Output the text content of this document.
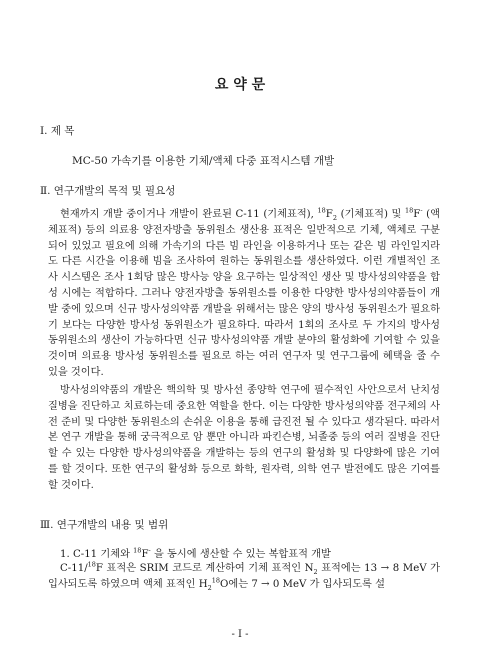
요 약 문
Ⅰ. 제 목
MC-50 가속기를 이용한 기체/액체 다중 표적시스템 개발
Ⅱ. 연구개발의 목적 및 필요성

현재까지 개발 중이거나 개발이 완료된 C-11 (기체표적), $^{18}F_2$ (기체표적) 및 $^{18}$F- (액체표적) 등의 의료용 양전자방출 동위원소 생산용 표적은 일반적으로 기체, 액체로 구분되어 있었고 필요에 의해 가속기의 다른 빔 라인을 이용하거나 또는 같은 빔 라인일지라도 다른 시간을 이용해 빔을 조사하여 원하는 동위원소를 생산하였다. 이런 개별적인 조사 시스템은 조사 1회당 많은 방사능 양을 요구하는 일상적인 생산 및 방사성의약품을 합성 시에는 적합하다. 그러나 양전자방출 동위원소를 이용한 다양한 방사성의약품들이 개발 중에 있으며 신규 방사성의약품 개발을 위해서는 많은 양의 방사성 동위원소가 필요하기 보다는 다양한 방사성 동위원소가 필요하다. 따라서 1회의 조사로 두 가지의 방사성 동위원소의 생산이 가능하다면 신규 방사성의약품 개발 분야의 활성화에 기여할 수 있을 것이며 의료용 방사성 동위원소를 필요로 하는 여러 연구자 및 연구그룹에 혜택을 줄 수 있을 것이다.

방사성의약품의 개발은 핵의학 및 방사선 종양학 연구에 필수적인 사안으로서 난치성 질병을 진단하고 치료하는데 중요한 역할을 한다. 이는 다양한 방사성의약품 전구체의 사전 준비 및 다양한 동위원소의 손쉬운 이용을 통해 급진전 될 수 있다고 생각된다. 따라서 본 연구 개발을 통해 궁극적으로 암 뿐만 아니라 파킨슨병, 뇌졸중 등의 여러 질병을 진단할 수 있는 다양한 방사성의약품을 개발하는 등의 연구의 활성화 및 다양화에 많은 기여를 할 것이다. 또한 연구의 활성화 등으로 화학, 원자력, 의학 연구 발전에도 많은 기여를 할 것이다.

Ⅲ. 연구개발의 내용 및 범위
1. C-11 기체와 $^{18}$F- 을 동시에 생산할 수 있는 복합표적 개발

C-11/$^{18}$F 표적은 SRIM 코드로 계산하여 기체 표적인 $N_2$ 표적에는 13 → 8 MeV 가 입사되도록 하였으며 액체 표적인 $H_2^{18}O$에는 7 → 0 MeV 가 입사되도록 설

- I -
